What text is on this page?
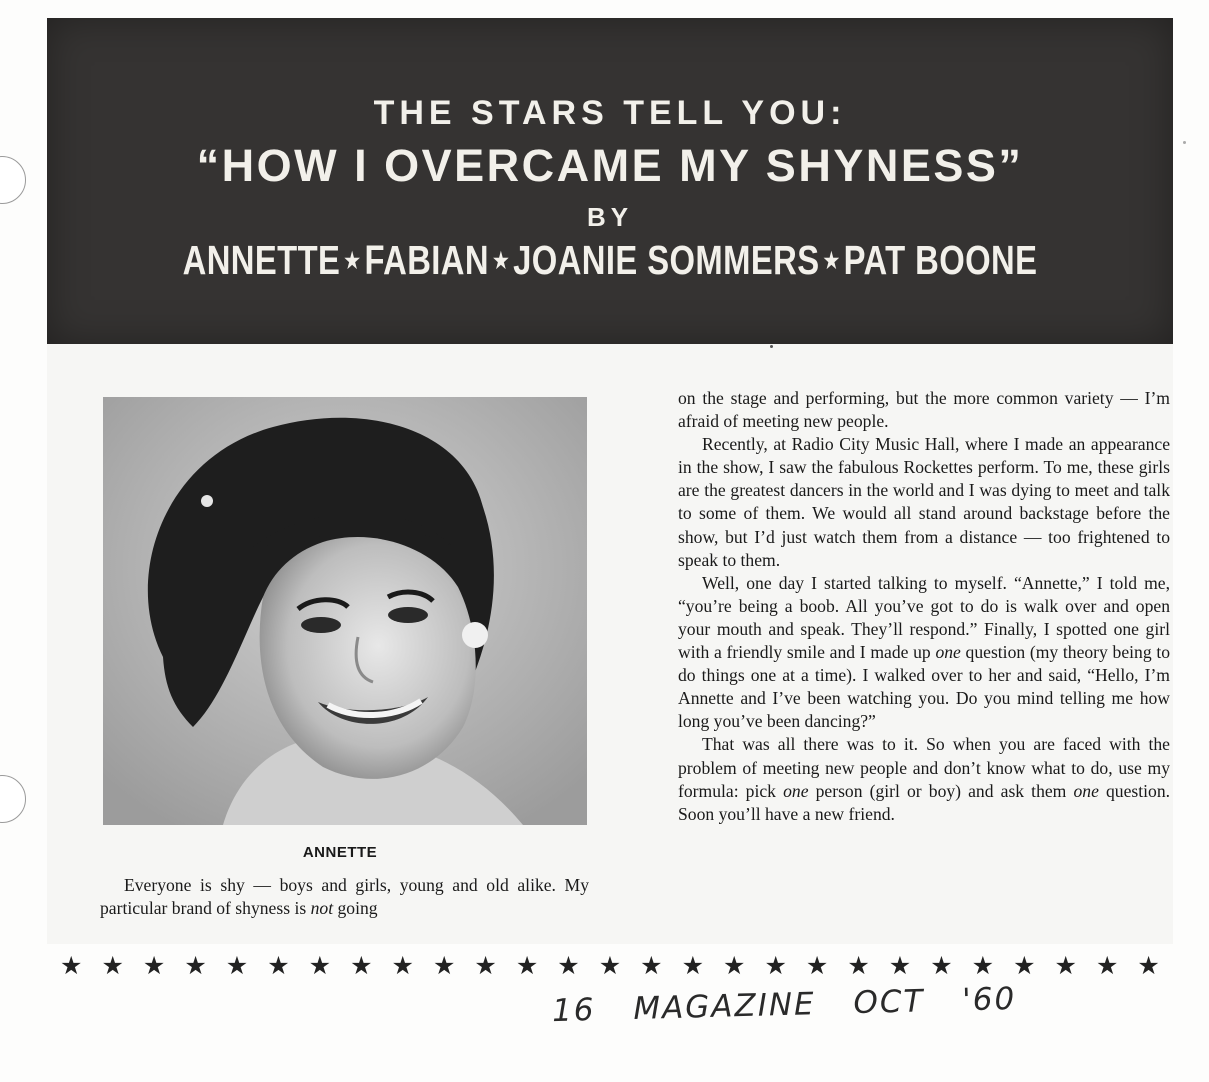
THE STARS TELL YOU:
“HOW I OVERCAME MY SHYNESS”
BY
ANNETTE ★FABIAN ★JOANIE SOMMERS ★PAT BOONE
ANNETTE

Everyone is shy — boys and girls, young and old alike. My particular brand of shyness is not going

on the stage and performing, but the more common variety — I’m afraid of meeting new people.

Recently, at Radio City Music Hall, where I made an appearance in the show, I saw the fabulous Rockettes perform. To me, these girls are the greatest dancers in the world and I was dying to meet and talk to some of them. We would all stand around backstage before the show, but I’d just watch them from a distance — too frightened to speak to them.

Well, one day I started talking to myself. “Annette,” I told me, “you’re being a boob. All you’ve got to do is walk over and open your mouth and speak. They’ll respond.” Finally, I spotted one girl with a friendly smile and I made up one question (my theory being to do things one at a time). I walked over to her and said, “Hello, I’m Annette and I’ve been watching you. Do you mind telling me how long you’ve been dancing?”

That was all there was to it. So when you are faced with the problem of meeting new people and don’t know what to do, use my formula: pick one person (girl or boy) and ask them one question. Soon you’ll have a new friend.

★ ★ ★ ★ ★ ★ ★ ★ ★ ★ ★ ★ ★ ★ ★ ★ ★ ★ ★ ★ ★ ★ ★ ★ ★ ★ ★
16 MAGAZINE OCT '60
